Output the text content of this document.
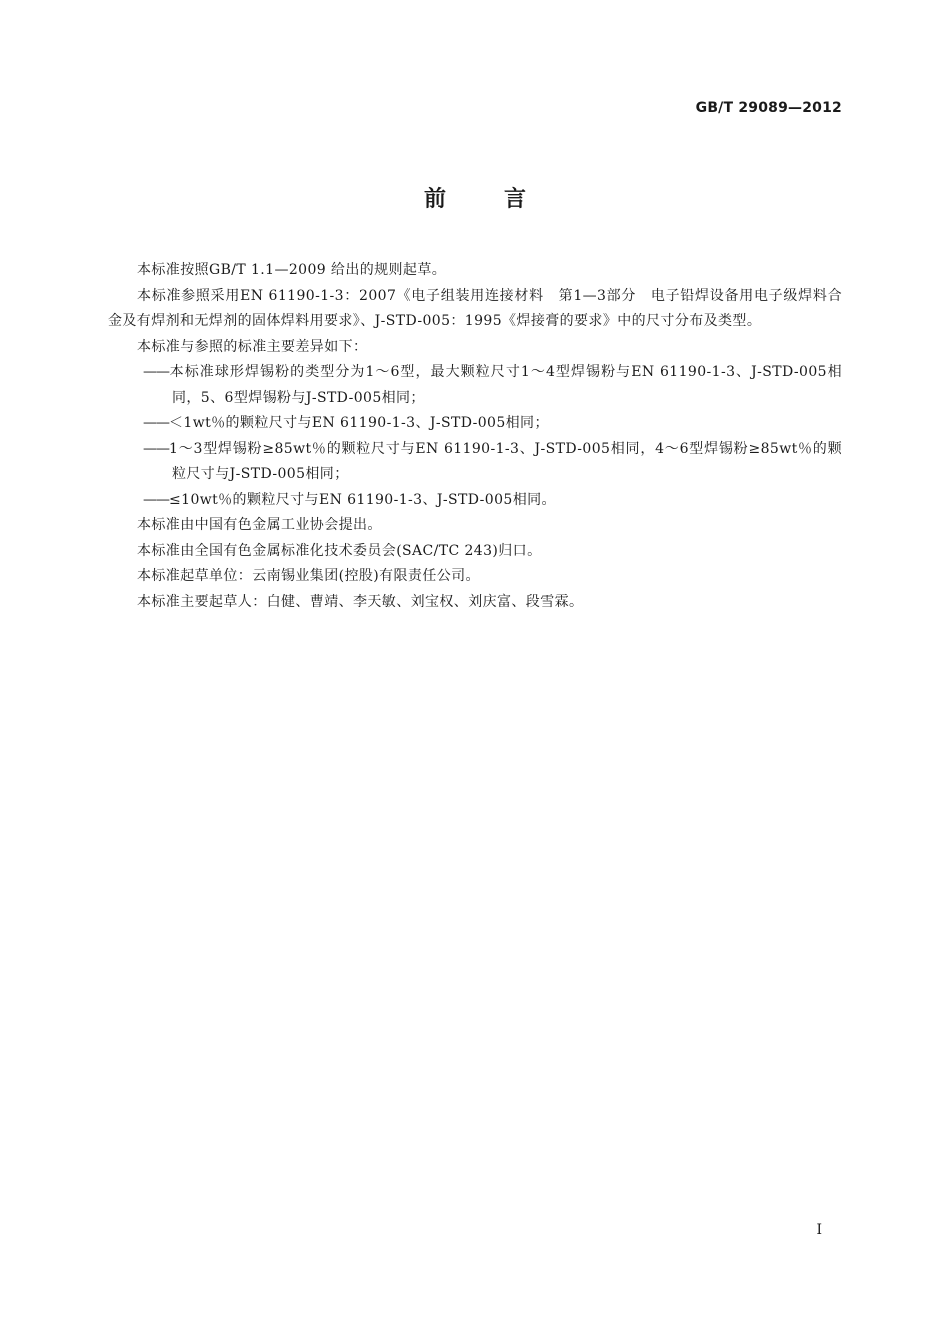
GB/T 29089—2012
前言

本标准按照GB/T 1.1—2009 给出的规则起草。

本标准参照采用EN 61190-1-3：2007《电子组装用连接材料　第1—3部分　电子铅焊设备用电子级焊料合金及有焊剂和无焊剂的固体焊料用要求》、J-STD-005：1995《焊接膏的要求》中的尺寸分布及类型。

本标准与参照的标准主要差异如下：

——本标准球形焊锡粉的类型分为1～6型，最大颗粒尺寸1～4型焊锡粉与EN 61190-1-3、J-STD-005相同，5、6型焊锡粉与J-STD-005相同；

——＜1wt％的颗粒尺寸与EN 61190-1-3、J-STD-005相同；

——1～3型焊锡粉≥85wt％的颗粒尺寸与EN 61190-1-3、J-STD-005相同，4～6型焊锡粉≥85wt％的颗粒尺寸与J-STD-005相同；

——≤10wt％的颗粒尺寸与EN 61190-1-3、J-STD-005相同。

本标准由中国有色金属工业协会提出。

本标准由全国有色金属标准化技术委员会(SAC/TC 243)归口。

本标准起草单位：云南锡业集团(控股)有限责任公司。

本标准主要起草人：白健、曹靖、李天敏、刘宝权、刘庆富、段雪霖。

I
